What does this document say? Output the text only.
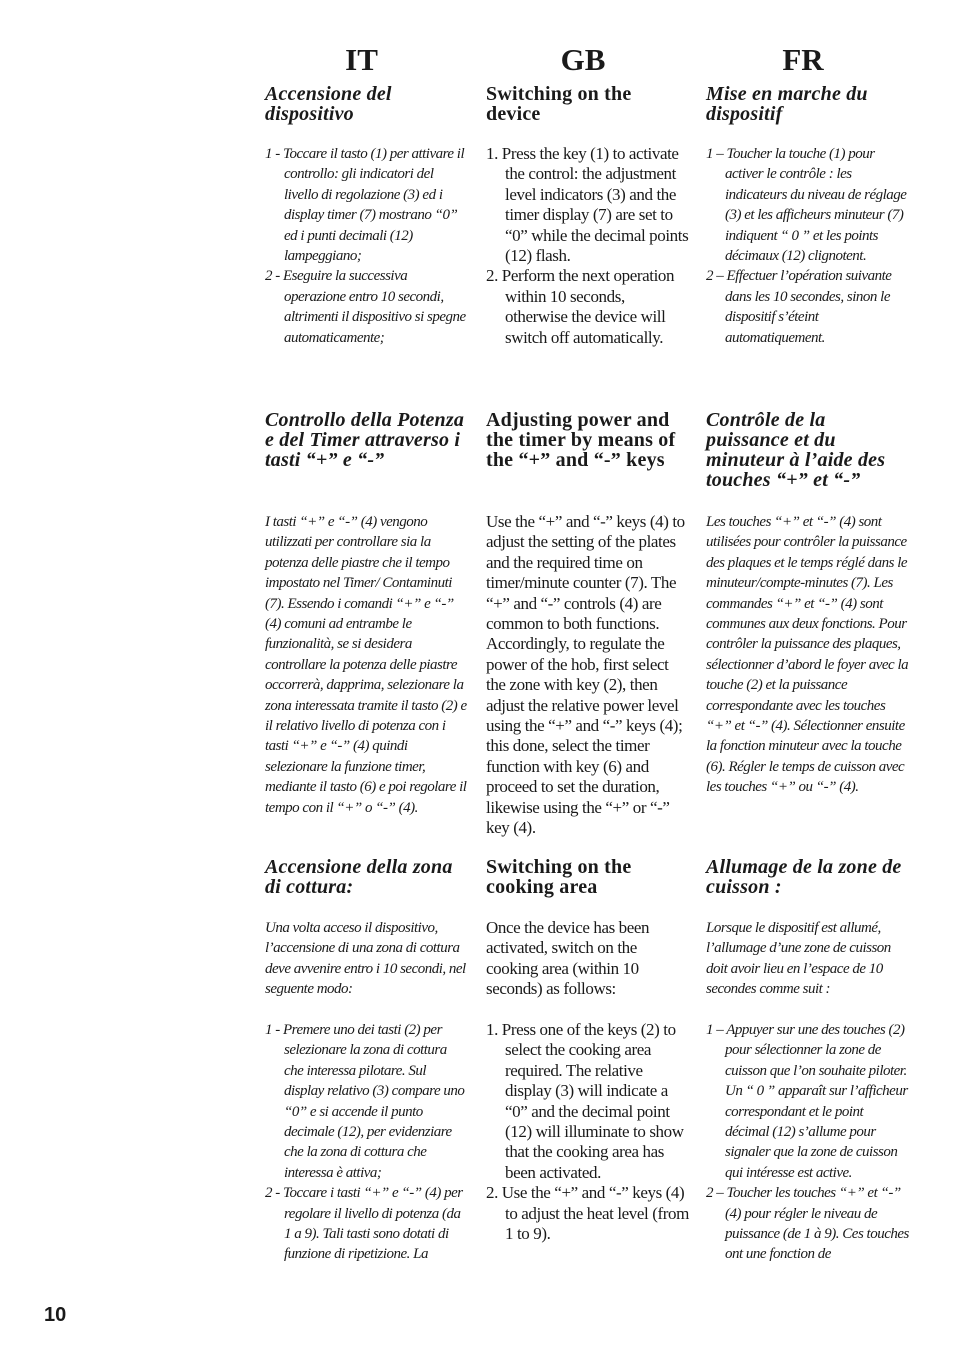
IT
Accensione del dispositivo
1 - Toccare il tasto (1) per attivare il controllo: gli indicatori del livello di regolazione (3) ed i display timer (7) mostrano “0” ed i punti decimali (12) lampeggiano;
2 - Eseguire la successiva operazione entro 10 secondi, altrimenti il dispositivo si spegne automaticamente;
Controllo della Potenza e del Timer attraverso i tasti “+” e “-”

I tasti “+” e “-” (4) vengono utilizzati per controllare sia la potenza delle piastre che il tempo impostato nel Timer/ Contaminuti (7). Essendo i comandi “+” e “-” (4) comuni ad entrambe le funzionalità, se si desidera controllare la potenza delle piastre occorrerà, dapprima, selezionare la zona interessata tramite il tasto (2) e il relativo livello di potenza con i tasti “+” e “-” (4) quindi selezionare la funzione timer, mediante il tasto (6) e poi regolare il tempo con il “+” o “-” (4).

Accensione della zona di cottura:

Una volta acceso il dispositivo, l’accensione di una zona di cottura deve avvenire entro i 10 secondi, nel seguente modo:

1 - Premere uno dei tasti (2) per selezionare la zona di cottura che interessa pilotare. Sul display relativo (3) compare uno “0” e si accende il punto decimale (12), per evidenziare che la zona di cottura che interessa è attiva;
2 - Toccare i tasti “+” e “-” (4) per regolare il livello di potenza (da 1 a 9). Tali tasti sono dotati di funzione di ripetizione. La
GB
Switching on the device
1. Press the key (1) to activate the control: the adjustment level indicators (3) and the timer display (7) are set to “0” while the decimal points (12) flash.
2. Perform the next operation within 10 seconds, otherwise the device will switch off automatically.
Adjusting power and the timer by means of the “+” and “-” keys

Use the “+” and “-” keys (4) to adjust the setting of the plates and the required time on timer/minute counter (7). The “+” and “-” controls (4) are common to both functions. Accordingly, to regulate the power of the hob, first select the zone with key (2), then adjust the relative power level using the “+” and “-” keys (4); this done, select the timer function with key (6) and proceed to set the duration, likewise using the “+” or “-” key (4).

Switching on the cooking area

Once the device has been activated, switch on the cooking area (within 10 seconds) as follows:

1. Press one of the keys (2) to select the cooking area required. The relative display (3) will indicate a “0” and the decimal point (12) will illuminate to show that the cooking area has been activated.
2. Use the “+” and “-” keys (4) to adjust the heat level (from 1 to 9).
FR
Mise en marche du dispositif
1 – Toucher la touche (1) pour activer le contrôle : les indicateurs du niveau de réglage (3) et les afficheurs minuteur (7) indiquent “ 0 ” et les points décimaux (12) clignotent.
2 – Effectuer l’opération suivante dans les 10 secondes, sinon le dispositif s’éteint automatiquement.
Contrôle de la puissance et du minuteur à l’aide des touches “+” et “-”

Les touches “+” et “-” (4) sont utilisées pour contrôler la puissance des plaques et le temps réglé dans le minuteur/compte-minutes (7). Les commandes “+” et “-” (4) sont communes aux deux fonctions. Pour contrôler la puissance des plaques, sélectionner d’abord le foyer avec la touche (2) et la puissance correspondante avec les touches “+” et “-” (4). Sélectionner ensuite la fonction minuteur avec la touche (6). Régler le temps de cuisson avec les touches “+” ou “-” (4).

Allumage de la zone de cuisson :

Lorsque le dispositif est allumé, l’allumage d’une zone de cuisson doit avoir lieu en l’espace de 10 secondes comme suit :

1 – Appuyer sur une des touches (2) pour sélectionner la zone de cuisson que l’on souhaite piloter. Un “ 0 ” apparaît sur l’afficheur correspondant et le point décimal (12) s’allume pour signaler que la zone de cuisson qui intéresse est active.
2 – Toucher les touches “+” et “-” (4) pour régler le niveau de puissance (de 1 à 9). Ces touches ont une fonction de
10
